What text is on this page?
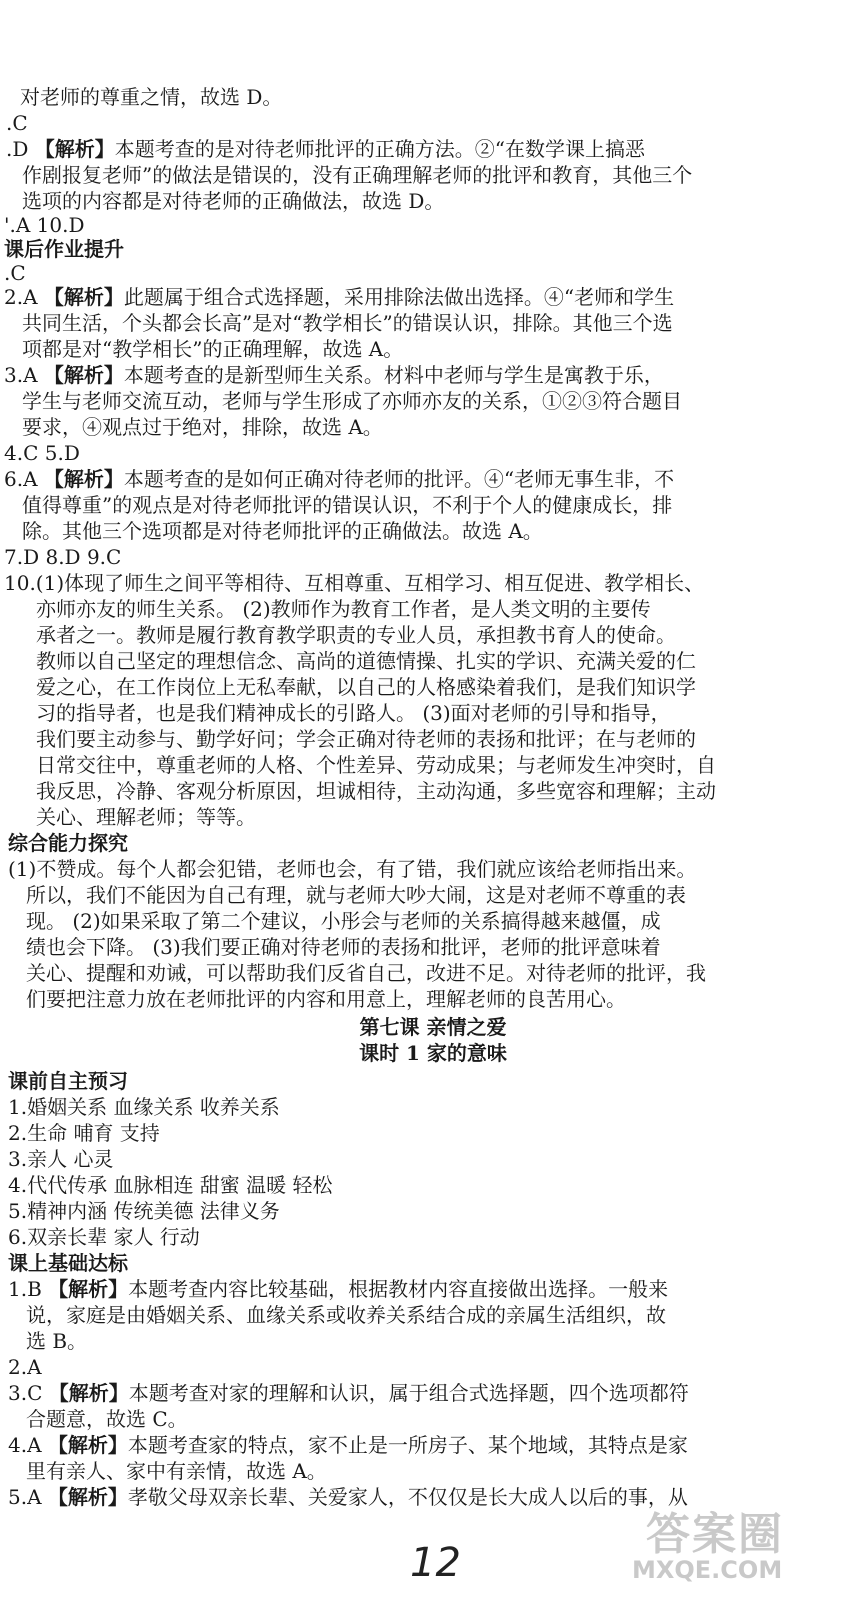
对老师的尊重之情，故选 D。
.C
.D 【解析】本题考查的是对待老师批评的正确方法。②“在数学课上搞恶
作剧报复老师”的做法是错误的，没有正确理解老师的批评和教育，其他三个
选项的内容都是对待老师的正确做法，故选 D。
'.A 10.D
课后作业提升
.C
2.A 【解析】此题属于组合式选择题，采用排除法做出选择。④“老师和学生
共同生活，个头都会长高”是对“教学相长”的错误认识，排除。其他三个选
项都是对“教学相长”的正确理解，故选 A。
3.A 【解析】本题考查的是新型师生关系。材料中老师与学生是寓教于乐，
学生与老师交流互动，老师与学生形成了亦师亦友的关系，①②③符合题目
要求，④观点过于绝对，排除，故选 A。
4.C 5.D
6.A 【解析】本题考查的是如何正确对待老师的批评。④“老师无事生非，不
值得尊重”的观点是对待老师批评的错误认识，不利于个人的健康成长，排
除。其他三个选项都是对待老师批评的正确做法。故选 A。
7.D 8.D 9.C
10.(1)体现了师生之间平等相待、互相尊重、互相学习、相互促进、教学相长、
亦师亦友的师生关系。 (2)教师作为教育工作者，是人类文明的主要传
承者之一。教师是履行教育教学职责的专业人员，承担教书育人的使命。
教师以自己坚定的理想信念、高尚的道德情操、扎实的学识、充满关爱的仁
爱之心，在工作岗位上无私奉献，以自己的人格感染着我们，是我们知识学
习的指导者，也是我们精神成长的引路人。 (3)面对老师的引导和指导，
我们要主动参与、勤学好问；学会正确对待老师的表扬和批评；在与老师的
日常交往中，尊重老师的人格、个性差异、劳动成果；与老师发生冲突时，自
我反思，冷静、客观分析原因，坦诚相待，主动沟通，多些宽容和理解；主动
关心、理解老师；等等。
综合能力探究
(1)不赞成。每个人都会犯错，老师也会，有了错，我们就应该给老师指出来。
所以，我们不能因为自己有理，就与老师大吵大闹，这是对老师不尊重的表
现。 (2)如果采取了第二个建议，小彤会与老师的关系搞得越来越僵，成
绩也会下降。 (3)我们要正确对待老师的表扬和批评，老师的批评意味着
关心、提醒和劝诫，可以帮助我们反省自己，改进不足。对待老师的批评，我
们要把注意力放在老师批评的内容和用意上，理解老师的良苦用心。
第七课 亲情之爱
课时 1 家的意味
课前自主预习
1.婚姻关系 血缘关系 收养关系
2.生命 哺育 支持
3.亲人 心灵
4.代代传承 血脉相连 甜蜜 温暖 轻松
5.精神内涵 传统美德 法律义务
6.双亲长辈 家人 行动
课上基础达标
1.B 【解析】本题考查内容比较基础，根据教材内容直接做出选择。一般来
说，家庭是由婚姻关系、血缘关系或收养关系结合成的亲属生活组织，故
选 B。
2.A
3.C 【解析】本题考查对家的理解和认识，属于组合式选择题，四个选项都符
合题意，故选 C。
4.A 【解析】本题考查家的特点，家不止是一所房子、某个地域，其特点是家
里有亲人、家中有亲情，故选 A。
5.A 【解析】孝敬父母双亲长辈、关爱家人，不仅仅是长大成人以后的事，从
12
答案圈
MXQE.COM
